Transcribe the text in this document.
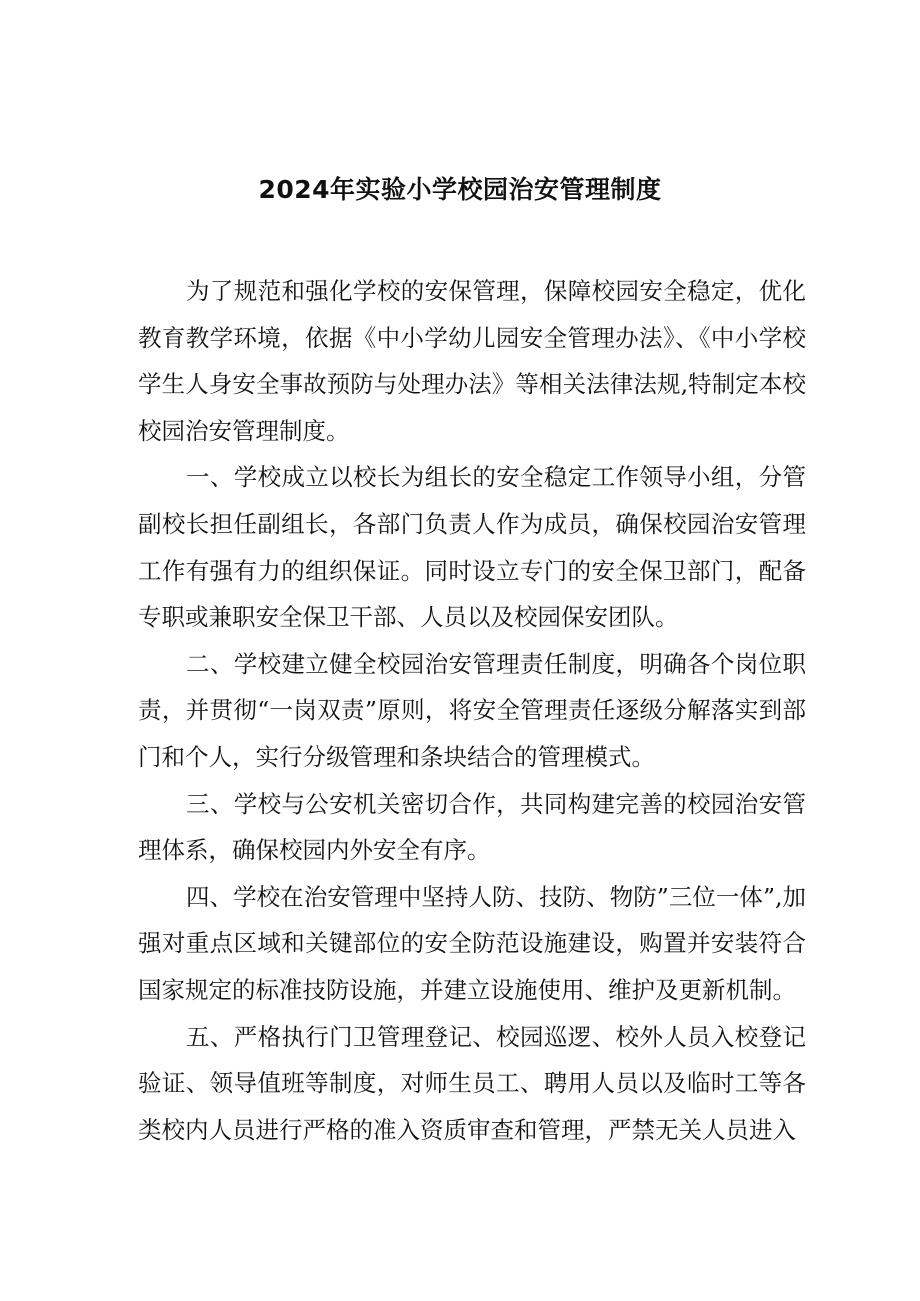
2024年实验小学校园治安管理制度

为了规范和强化学校的安保管理，保障校园安全稳定，优化教育教学环境，依据《中小学幼儿园安全管理办法》、《中小学校学生人身安全事故预防与处理办法》等相关法律法规,特制定本校校园治安管理制度。

一、学校成立以校长为组长的安全稳定工作领导小组，分管副校长担任副组长，各部门负责人作为成员，确保校园治安管理工作有强有力的组织保证。同时设立专门的安全保卫部门，配备专职或兼职安全保卫干部、人员以及校园保安团队。

二、学校建立健全校园治安管理责任制度，明确各个岗位职责，并贯彻“一岗双责”原则，将安全管理责任逐级分解落实到部门和个人，实行分级管理和条块结合的管理模式。

三、学校与公安机关密切合作，共同构建完善的校园治安管理体系，确保校园内外安全有序。

四、学校在治安管理中坚持人防、技防、物防”三位一体”,加强对重点区域和关键部位的安全防范设施建设，购置并安装符合国家规定的标准技防设施，并建立设施使用、维护及更新机制。

五、严格执行门卫管理登记、校园巡逻、校外人员入校登记验证、领导值班等制度，对师生员工、聘用人员以及临时工等各类校内人员进行严格的准入资质审查和管理，严禁无关人员进入
